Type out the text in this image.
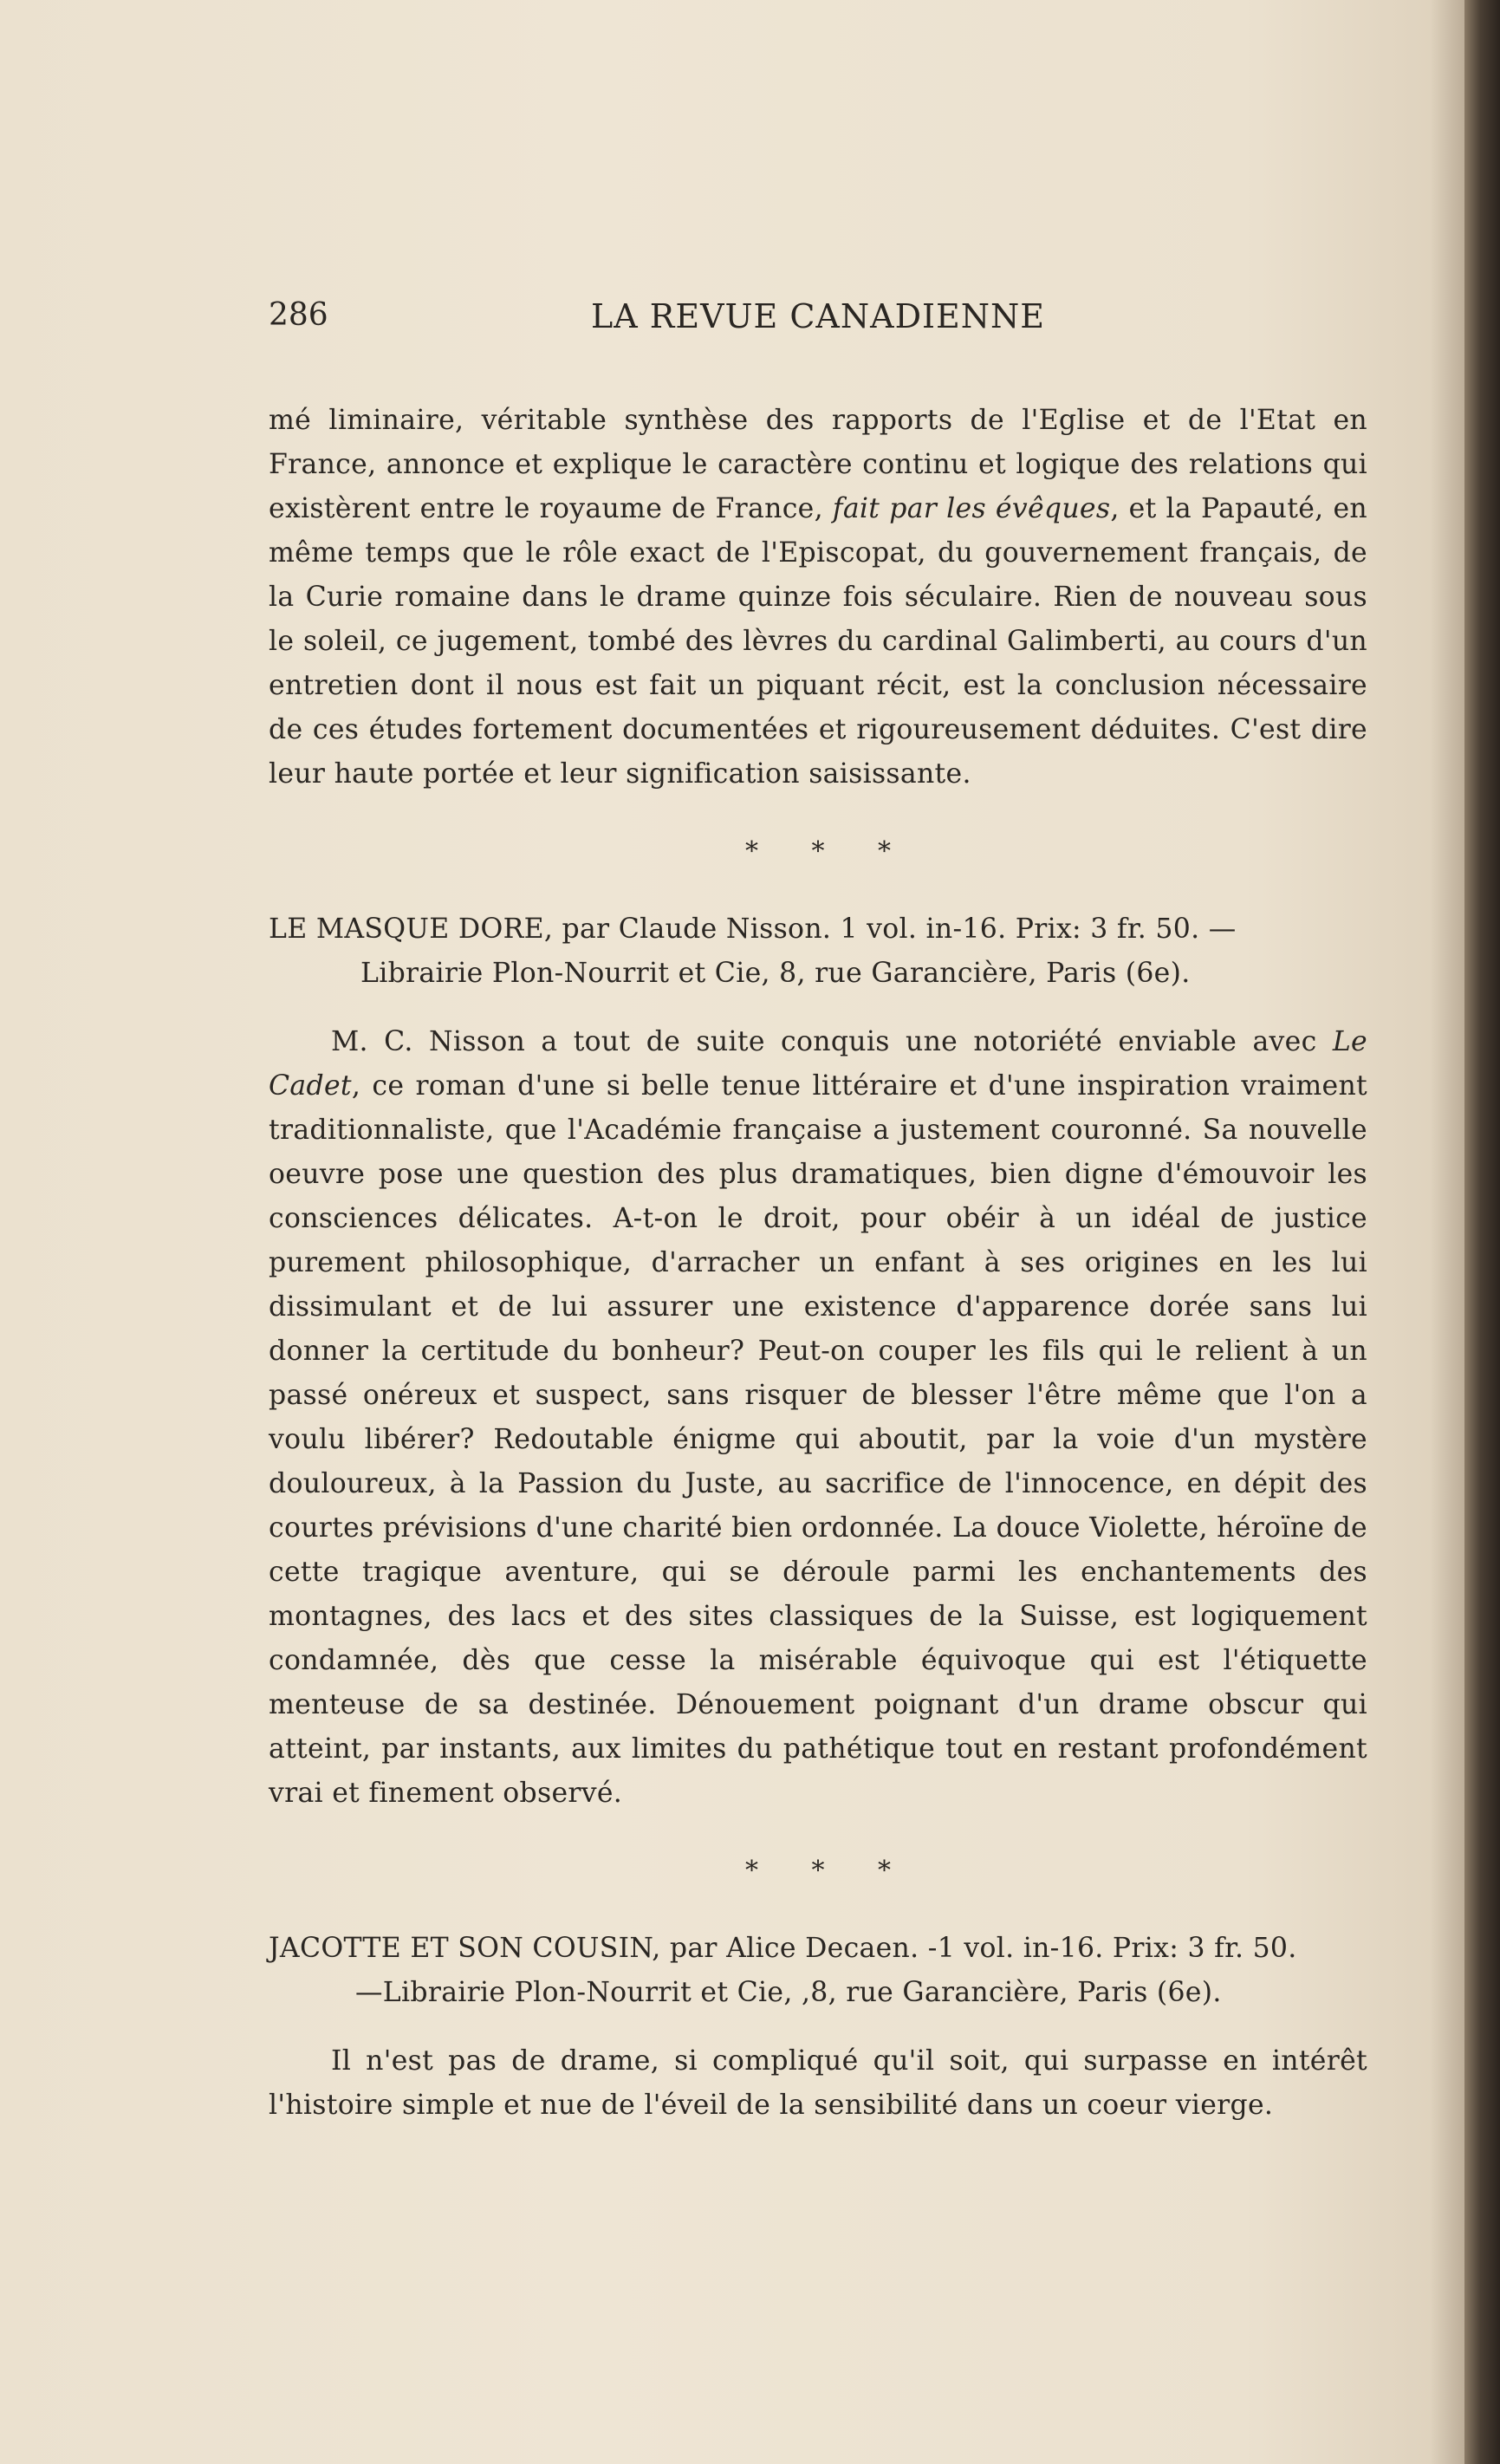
286	LA REVUE CANADIENNE

mé liminaire, véritable synthèse des rapports de l'Eglise et de l'Etat en France, annonce et explique le caractère continu et logique des relations qui existèrent entre le royaume de France, fait par les évêques, et la Papauté, en même temps que le rôle exact de l'Episcopat, du gouvernement français, de la Curie romaine dans le drame quinze fois séculaire. Rien de nouveau sous le soleil, ce jugement, tombé des lèvres du cardinal Galimberti, au cours d'un entretien dont il nous est fait un piquant récit, est la conclusion nécessaire de ces études fortement documentées et rigoureusement déduites. C'est dire leur haute portée et leur signification saisissante.

* * *
LE MASQUE DORE, par Claude Nisson. 1 vol. in-16. Prix: 3 fr. 50. —
Librairie Plon-Nourrit et Cie, 8, rue Garancière, Paris (6e).

M. C. Nisson a tout de suite conquis une notoriété enviable avec Le Cadet, ce roman d'une si belle tenue littéraire et d'une inspiration vraiment traditionnaliste, que l'Académie française a justement couronné. Sa nouvelle oeuvre pose une question des plus dramatiques, bien digne d'émouvoir les consciences délicates. A-t-on le droit, pour obéir à un idéal de justice purement philosophique, d'arracher un enfant à ses origines en les lui dissimulant et de lui assurer une existence d'apparence dorée sans lui donner la certitude du bonheur? Peut-on couper les fils qui le relient à un passé onéreux et suspect, sans risquer de blesser l'être même que l'on a voulu libérer? Redoutable énigme qui aboutit, par la voie d'un mystère douloureux, à la Passion du Juste, au sacrifice de l'innocence, en dépit des courtes prévisions d'une charité bien ordonnée. La douce Violette, héroïne de cette tragique aventure, qui se déroule parmi les enchantements des montagnes, des lacs et des sites classiques de la Suisse, est logiquement condamnée, dès que cesse la misérable équivoque qui est l'étiquette menteuse de sa destinée. Dénouement poignant d'un drame obscur qui atteint, par instants, aux limites du pathétique tout en restant profondément vrai et finement observé.

* * *
JACOTTE ET SON COUSIN, par Alice Decaen. -1 vol. in-16. Prix: 3 fr. 50.
—Librairie Plon-Nourrit et Cie, ,8, rue Garancière, Paris (6e).

Il n'est pas de drame, si compliqué qu'il soit, qui surpasse en intérêt l'histoire simple et nue de l'éveil de la sensibilité dans un coeur vierge.
